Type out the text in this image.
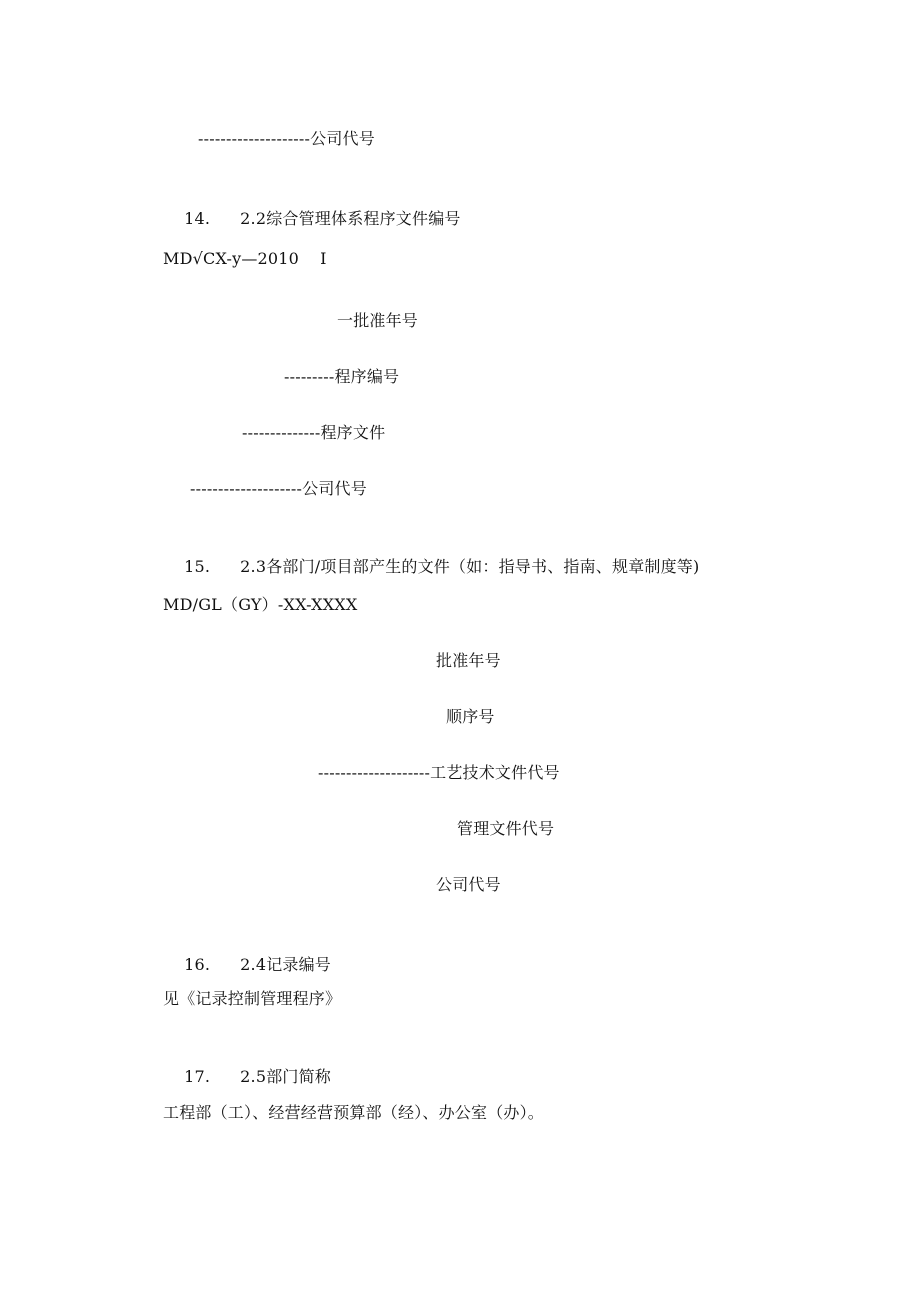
--------------------公司代号

14. 2.2综合管理体系程序文件编号

MD√CX-y—2010    I
一批准年号
---------程序编号
--------------程序文件
--------------------公司代号

15. 2.3各部门/项目部产生的文件（如：指导书、指南、规章制度等)

MD/GL（GY）-XX-XXXX
批准年号
顺序号
--------------------工艺技术文件代号
管理文件代号
公司代号

16. 2.4记录编号

见《记录控制管理程序》

17. 2.5部门简称

工程部（工）、经营经营预算部（经）、办公室（办）。
